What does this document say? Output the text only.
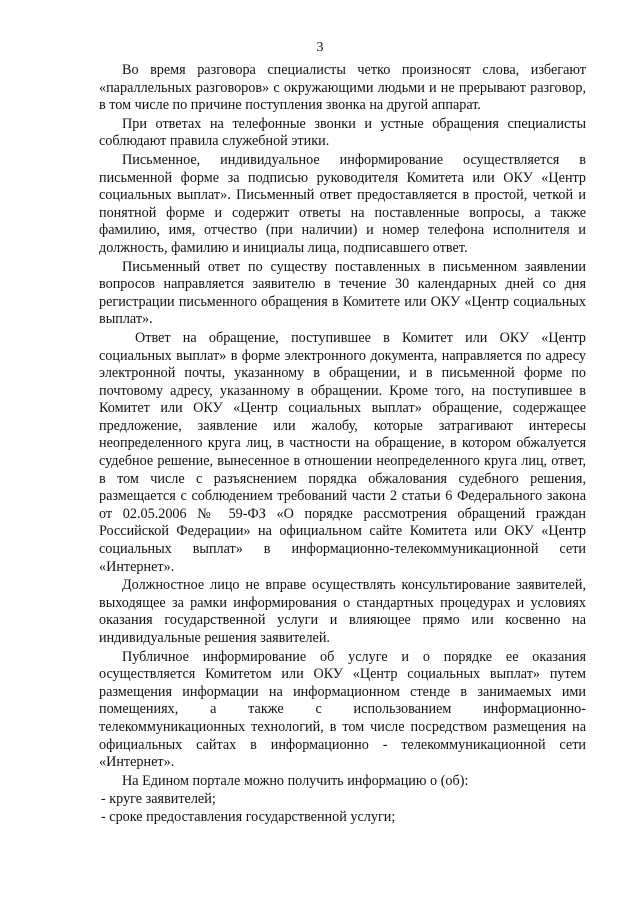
3

Во время разговора специалисты четко произносят слова, избегают «параллельных разговоров» с окружающими людьми и не прерывают разговор, в том числе по причине поступления звонка на другой аппарат.

При ответах на телефонные звонки и устные обращения специалисты соблюдают правила служебной этики.

Письменное, индивидуальное информирование осуществляется в письменной форме за подписью руководителя Комитета или ОКУ «Центр социальных выплат». Письменный ответ предоставляется в простой, четкой и понятной форме и содержит ответы на поставленные вопросы, а также фамилию, имя, отчество (при наличии) и номер телефона исполнителя и должность, фамилию и инициалы лица, подписавшего ответ.

Письменный ответ по существу поставленных в письменном заявлении вопросов направляется заявителю в течение 30 календарных дней со дня регистрации письменного обращения в Комитете или ОКУ «Центр социальных выплат».

Ответ на обращение, поступившее в Комитет или ОКУ «Центр социальных выплат» в форме электронного документа, направляется по адресу электронной почты, указанному в обращении, и в письменной форме по почтовому адресу, указанному в обращении. Кроме того, на поступившее в Комитет или ОКУ «Центр социальных выплат» обращение, содержащее предложение, заявление или жалобу, которые затрагивают интересы неопределенного круга лиц, в частности на обращение, в котором обжалуется судебное решение, вынесенное в отношении неопределенного круга лиц, ответ, в том числе с разъяснением порядка обжалования судебного решения, размещается с соблюдением требований части 2 статьи 6 Федерального закона от 02.05.2006 № 59-ФЗ «О порядке рассмотрения обращений граждан Российской Федерации» на официальном сайте Комитета или ОКУ «Центр социальных выплат» в информационно-телекоммуникационной сети «Интернет».

Должностное лицо не вправе осуществлять консультирование заявителей, выходящее за рамки информирования о стандартных процедурах и условиях оказания государственной услуги и влияющее прямо или косвенно на индивидуальные решения заявителей.

Публичное информирование об услуге и о порядке ее оказания осуществляется Комитетом или ОКУ «Центр социальных выплат» путем размещения информации на информационном стенде в занимаемых ими помещениях, а также с использованием информационно-телекоммуникационных технологий, в том числе посредством размещения на официальных сайтах в информационно - телекоммуникационной сети «Интернет».

На Едином портале можно получить информацию о (об):

- круге заявителей;
- сроке предоставления государственной услуги;
